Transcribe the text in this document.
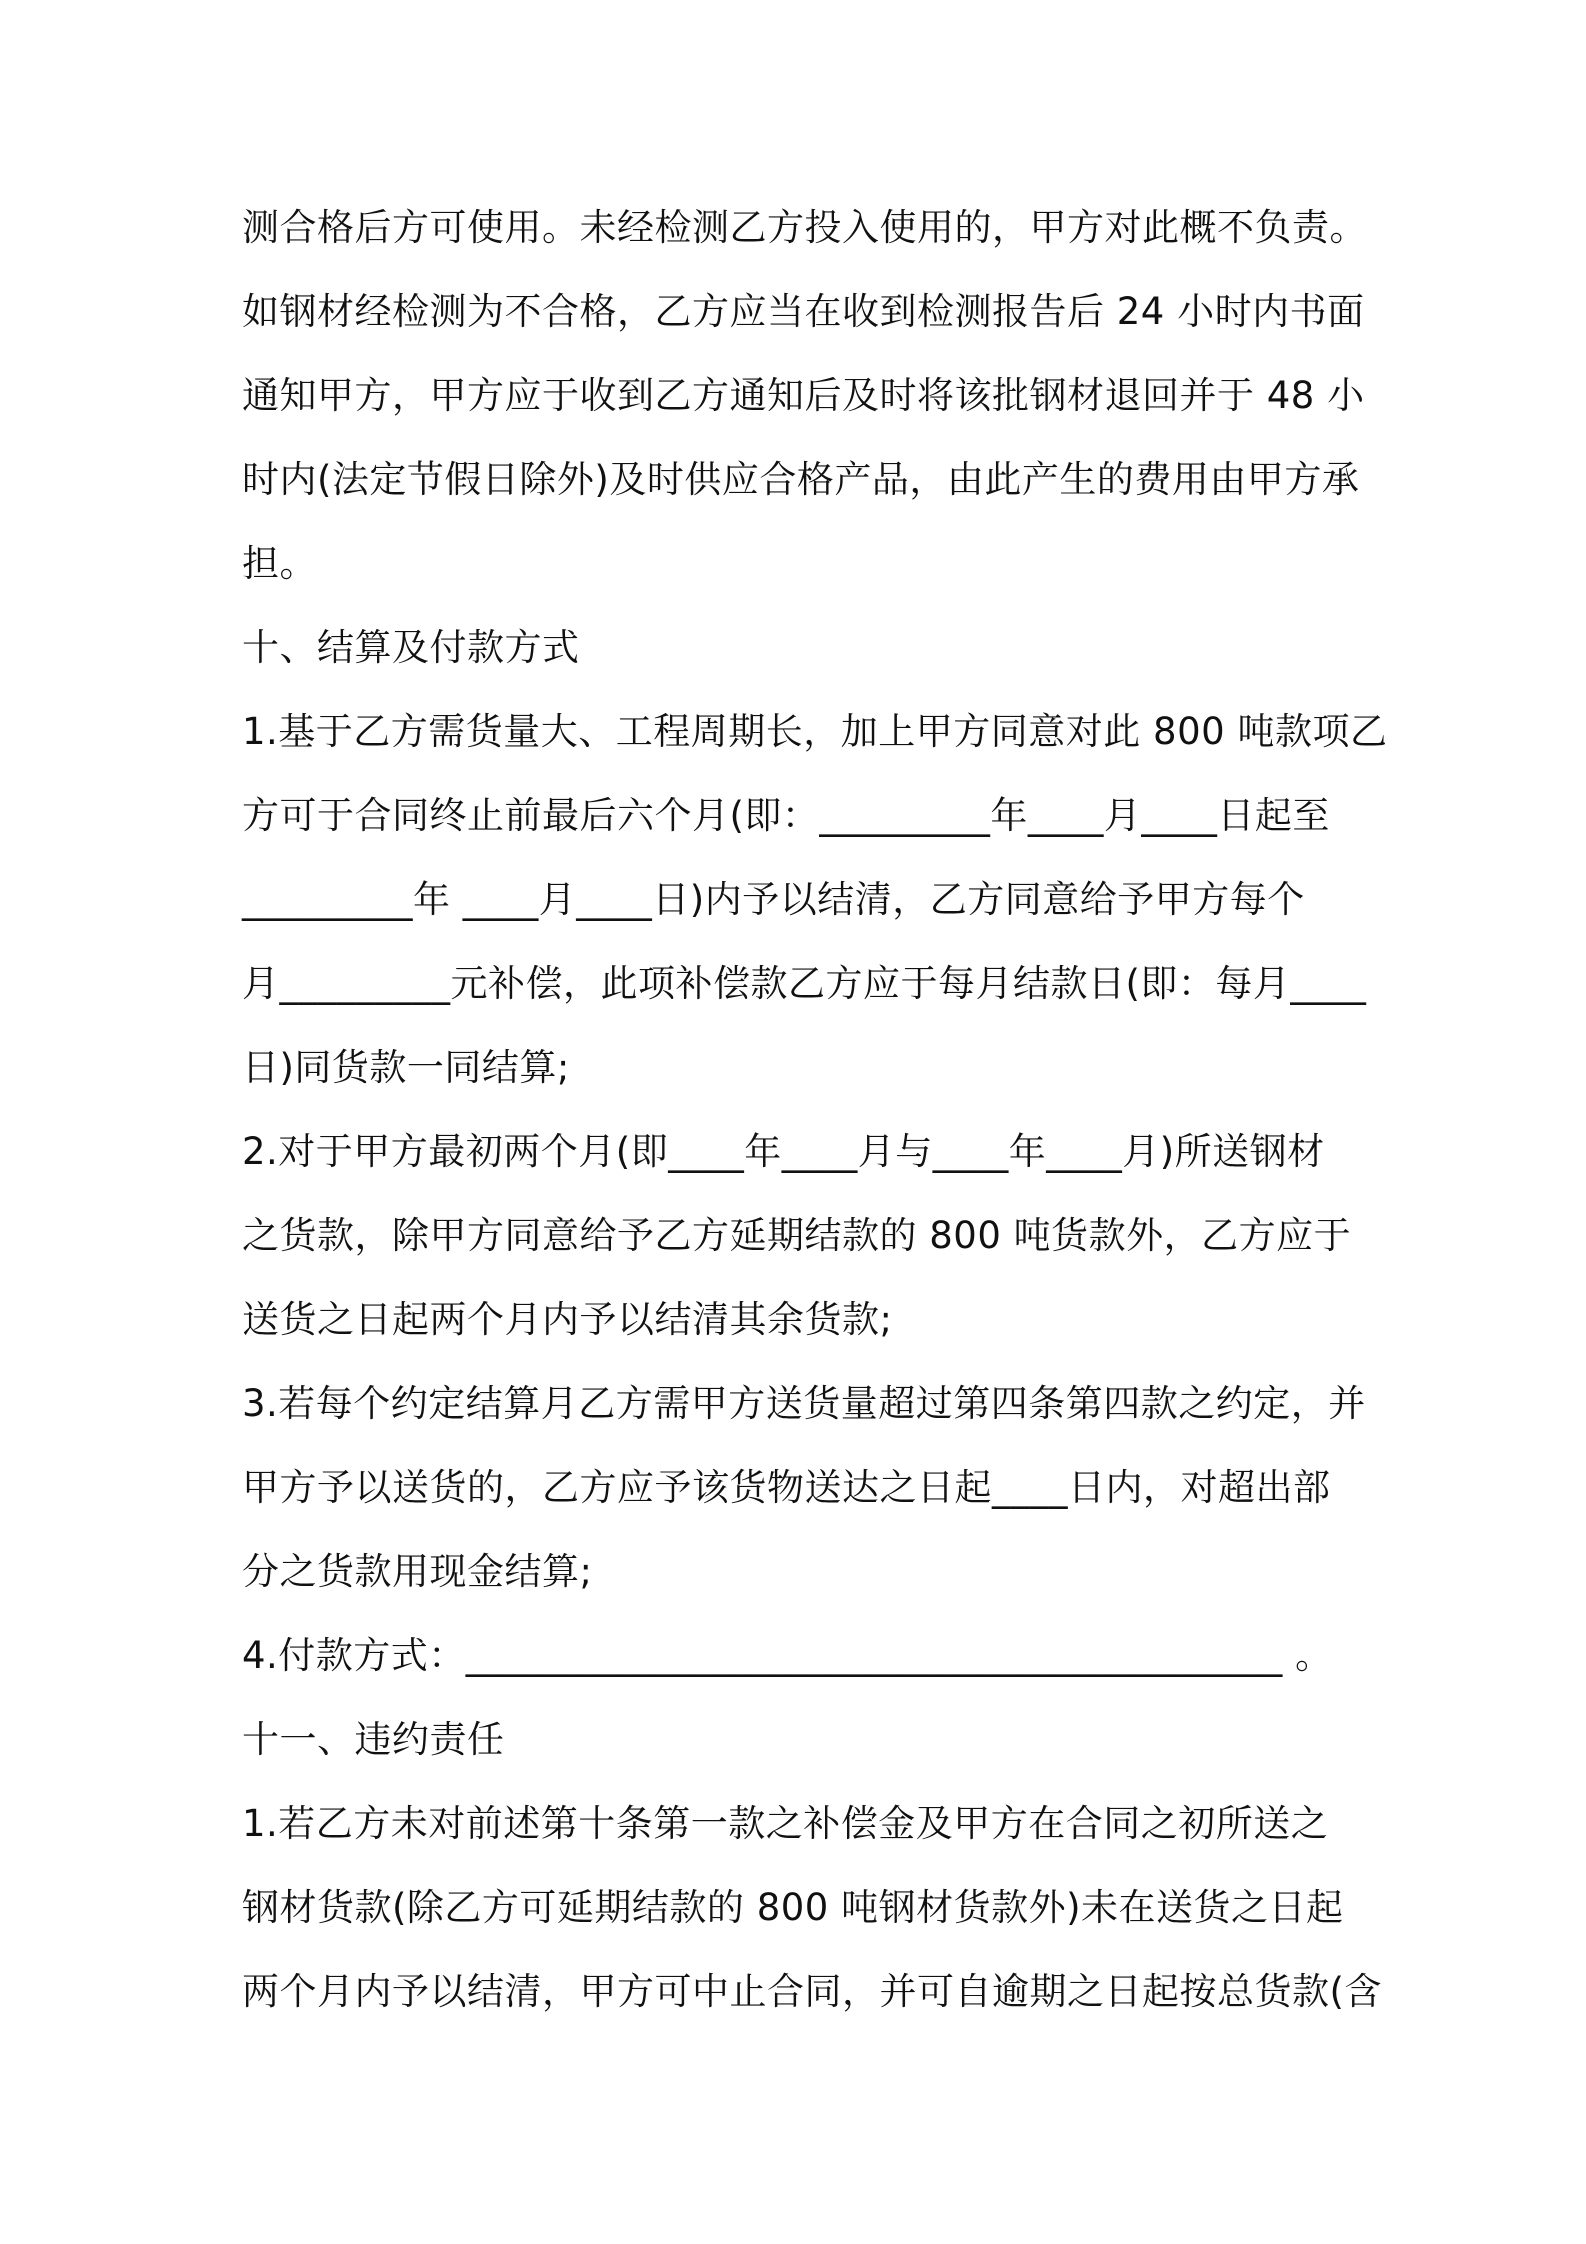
测合格后方可使用。未经检测乙方投入使用的，甲方对此概不负责。
如钢材经检测为不合格，乙方应当在收到检测报告后 24 小时内书面
通知甲方，甲方应于收到乙方通知后及时将该批钢材退回并于 48 小
时内(法定节假日除外)及时供应合格产品，由此产生的费用由甲方承
担。
十、结算及付款方式
1.基于乙方需货量大、工程周期长，加上甲方同意对此 800 吨款项乙
方可于合同终止前最后六个月(即：_________年____月____日起至
_________年 ____月____日)内予以结清，乙方同意给予甲方每个
月_________元补偿，此项补偿款乙方应于每月结款日(即：每月____
日)同货款一同结算;
2.对于甲方最初两个月(即____年____月与____年____月)所送钢材
之货款，除甲方同意给予乙方延期结款的 800 吨货款外，乙方应于
送货之日起两个月内予以结清其余货款;
3.若每个约定结算月乙方需甲方送货量超过第四条第四款之约定，并
甲方予以送货的，乙方应予该货物送达之日起____日内，对超出部
分之货款用现金结算;
4.付款方式：___________________________________________ 。
十一、违约责任
1.若乙方未对前述第十条第一款之补偿金及甲方在合同之初所送之
钢材货款(除乙方可延期结款的 800 吨钢材货款外)未在送货之日起
两个月内予以结清，甲方可中止合同，并可自逾期之日起按总货款(含
